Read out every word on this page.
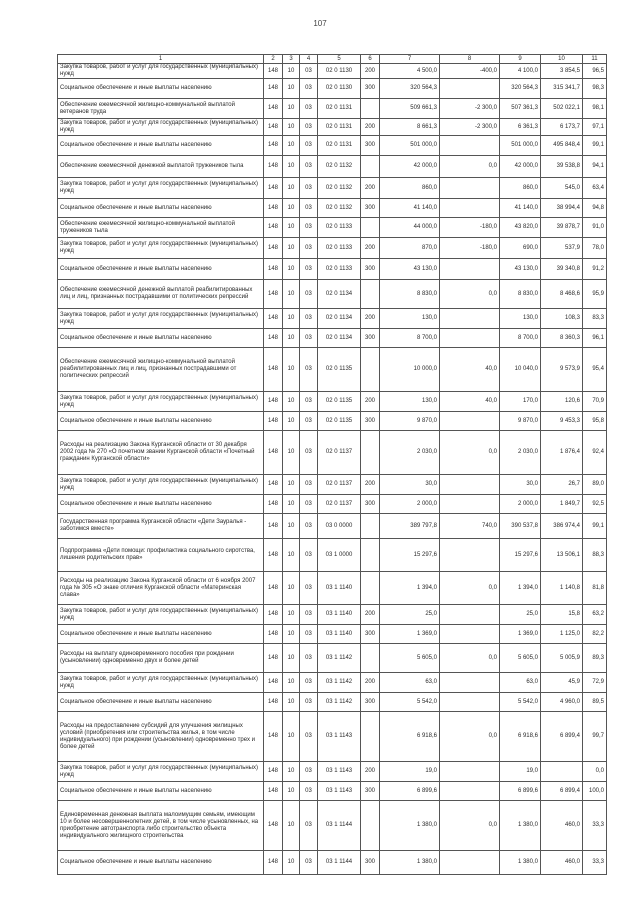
107
1	2	3	4	5	6	7	8	9	10	11
Закупка товаров, работ и услуг для государственных (муниципальных) нужд	148	10	03	02 0 1130	200	4 500,0	-400,0	4 100,0	3 854,5	96,5
Социальное обеспечение и иные выплаты населению	148	10	03	02 0 1130	300	320 564,3		320 564,3	315 341,7	98,3
Обеспечение ежемесячной жилищно-коммунальной выплатой ветеранов труда	148	10	03	02 0 1131		509 661,3	-2 300,0	507 361,3	502 022,1	98,1
Закупка товаров, работ и услуг для государственных (муниципальных) нужд	148	10	03	02 0 1131	200	8 661,3	-2 300,0	6 361,3	6 173,7	97,1
Социальное обеспечение и иные выплаты населению	148	10	03	02 0 1131	300	501 000,0		501 000,0	495 848,4	99,1
Обеспечение ежемесячной денежной выплатой тружеников тыла	148	10	03	02 0 1132		42 000,0	0,0	42 000,0	39 538,8	94,1
Закупка товаров, работ и услуг для государственных (муниципальных) нужд	148	10	03	02 0 1132	200	860,0		860,0	545,0	63,4
Социальное обеспечение и иные выплаты населению	148	10	03	02 0 1132	300	41 140,0		41 140,0	38 994,4	94,8
Обеспечение ежемесячной жилищно-коммунальной выплатой тружеников тыла	148	10	03	02 0 1133		44 000,0	-180,0	43 820,0	39 878,7	91,0
Закупка товаров, работ и услуг для государственных (муниципальных) нужд	148	10	03	02 0 1133	200	870,0	-180,0	690,0	537,9	78,0
Социальное обеспечение и иные выплаты населению	148	10	03	02 0 1133	300	43 130,0		43 130,0	39 340,8	91,2
Обеспечение ежемесячной денежной выплатой реабилитированных лиц и лиц, признанных пострадавшими от политических репрессий	148	10	03	02 0 1134		8 830,0	0,0	8 830,0	8 468,6	95,9
Закупка товаров, работ и услуг для государственных (муниципальных) нужд	148	10	03	02 0 1134	200	130,0		130,0	108,3	83,3
Социальное обеспечение и иные выплаты населению	148	10	03	02 0 1134	300	8 700,0		8 700,0	8 360,3	96,1
Обеспечение ежемесячной жилищно-коммунальной выплатой реабилитированных лиц и лиц, признанных пострадавшими от политических репрессий	148	10	03	02 0 1135		10 000,0	40,0	10 040,0	9 573,9	95,4
Закупка товаров, работ и услуг для государственных (муниципальных) нужд	148	10	03	02 0 1135	200	130,0	40,0	170,0	120,6	70,9
Социальное обеспечение и иные выплаты населению	148	10	03	02 0 1135	300	9 870,0		9 870,0	9 453,3	95,8
Расходы на реализацию Закона Курганской области от 30 декабря 2002 года № 270 «О почетном звании Курганской области «Почетный гражданин Курганской области»	148	10	03	02 0 1137		2 030,0	0,0	2 030,0	1 876,4	92,4
Закупка товаров, работ и услуг для государственных (муниципальных) нужд	148	10	03	02 0 1137	200	30,0		30,0	26,7	89,0
Социальное обеспечение и иные выплаты населению	148	10	03	02 0 1137	300	2 000,0		2 000,0	1 849,7	92,5
Государственная программа Курганской области «Дети Зауралья - заботимся вместе»	148	10	03	03 0 0000		389 797,8	740,0	390 537,8	386 974,4	99,1
Подпрограмма «Дети помощи: профилактика социального сиротства, лишения родительских прав»	148	10	03	03 1 0000		15 297,6		15 297,6	13 506,1	88,3
Расходы на реализацию Закона Курганской области от 6 ноября 2007 года № 305 «О знаке отличия Курганской области «Материнская слава»	148	10	03	03 1 1140		1 394,0	0,0	1 394,0	1 140,8	81,8
Закупка товаров, работ и услуг для государственных (муниципальных) нужд	148	10	03	03 1 1140	200	25,0		25,0	15,8	63,2
Социальное обеспечение и иные выплаты населению	148	10	03	03 1 1140	300	1 369,0		1 369,0	1 125,0	82,2
Расходы на выплату единовременного пособия при рождении (усыновлении) одновременно двух и более детей	148	10	03	03 1 1142		5 605,0	0,0	5 605,0	5 005,9	89,3
Закупка товаров, работ и услуг для государственных (муниципальных) нужд	148	10	03	03 1 1142	200	63,0		63,0	45,9	72,9
Социальное обеспечение и иные выплаты населению	148	10	03	03 1 1142	300	5 542,0		5 542,0	4 960,0	89,5
Расходы на предоставление субсидий для улучшения жилищных условий (приобретения или строительства жилья, в том числе индивидуального) при рождении (усыновлении) одновременно трех и более детей	148	10	03	03 1 1143		6 918,6	0,0	6 918,6	6 899,4	99,7
Закупка товаров, работ и услуг для государственных (муниципальных) нужд	148	10	03	03 1 1143	200	19,0		19,0		0,0
Социальное обеспечение и иные выплаты населению	148	10	03	03 1 1143	300	6 899,6		6 899,6	6 899,4	100,0
Единовременная денежная выплата малоимущим семьям, имеющим 10 и более несовершеннолетних детей, в том числе усыновленных, на приобретение автотранспорта либо строительство объекта индивидуального жилищного строительства	148	10	03	03 1 1144		1 380,0	0,0	1 380,0	460,0	33,3
Социальное обеспечение и иные выплаты населению	148	10	03	03 1 1144	300	1 380,0		1 380,0	460,0	33,3
